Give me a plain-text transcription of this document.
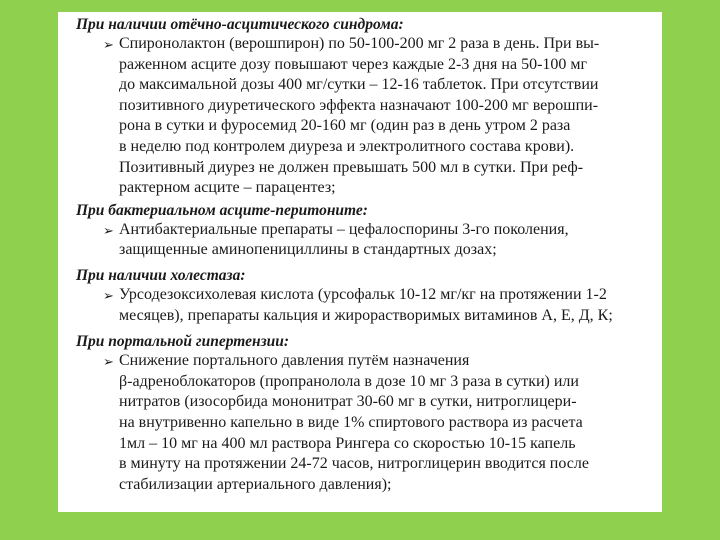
При наличии отёчно-асцитического синдрома:

➢ Спиронолактон (верошпирон) по 50-100-200 мг 2 раза в день. При вы-
раженном асците дозу повышают через каждые 2-3 дня на 50-100 мг
до максимальной дозы 400 мг/сутки – 12-16 таблеток. При отсутствии
позитивного диуретического эффекта назначают 100-200 мг верошпи-
рона в сутки и фуросемид 20-160 мг (один раз в день утром 2 раза
в неделю под контролем диуреза и электролитного состава крови).
Позитивный диурез не должен превышать 500 мл в сутки. При реф-
рактерном асците – парацентез;

При бактериальном асците-перитоните:

➢ Антибактериальные препараты – цефалоспорины 3-го поколения,
защищенные аминопенициллины в стандартных дозах;

При наличии холестаза:

➢ Урсодезоксихолевая кислота (урсофальк 10-12 мг/кг на протяжении 1-2
месяцев), препараты кальция и жирорастворимых витаминов А, Е, Д, К;

При портальной гипертензии:

➢ Снижение портального давления путём назначения
β-адреноблокаторов (пропранолола в дозе 10 мг 3 раза в сутки) или
нитратов (изосорбида мононитрат 30-60 мг в сутки, нитроглицери-
на внутривенно капельно в виде 1% спиртового раствора из расчета
1мл – 10 мг на 400 мл раствора Рингера со скоростью 10-15 капель
в минуту на протяжении 24-72 часов, нитроглицерин вводится после
стабилизации артериального давления);
